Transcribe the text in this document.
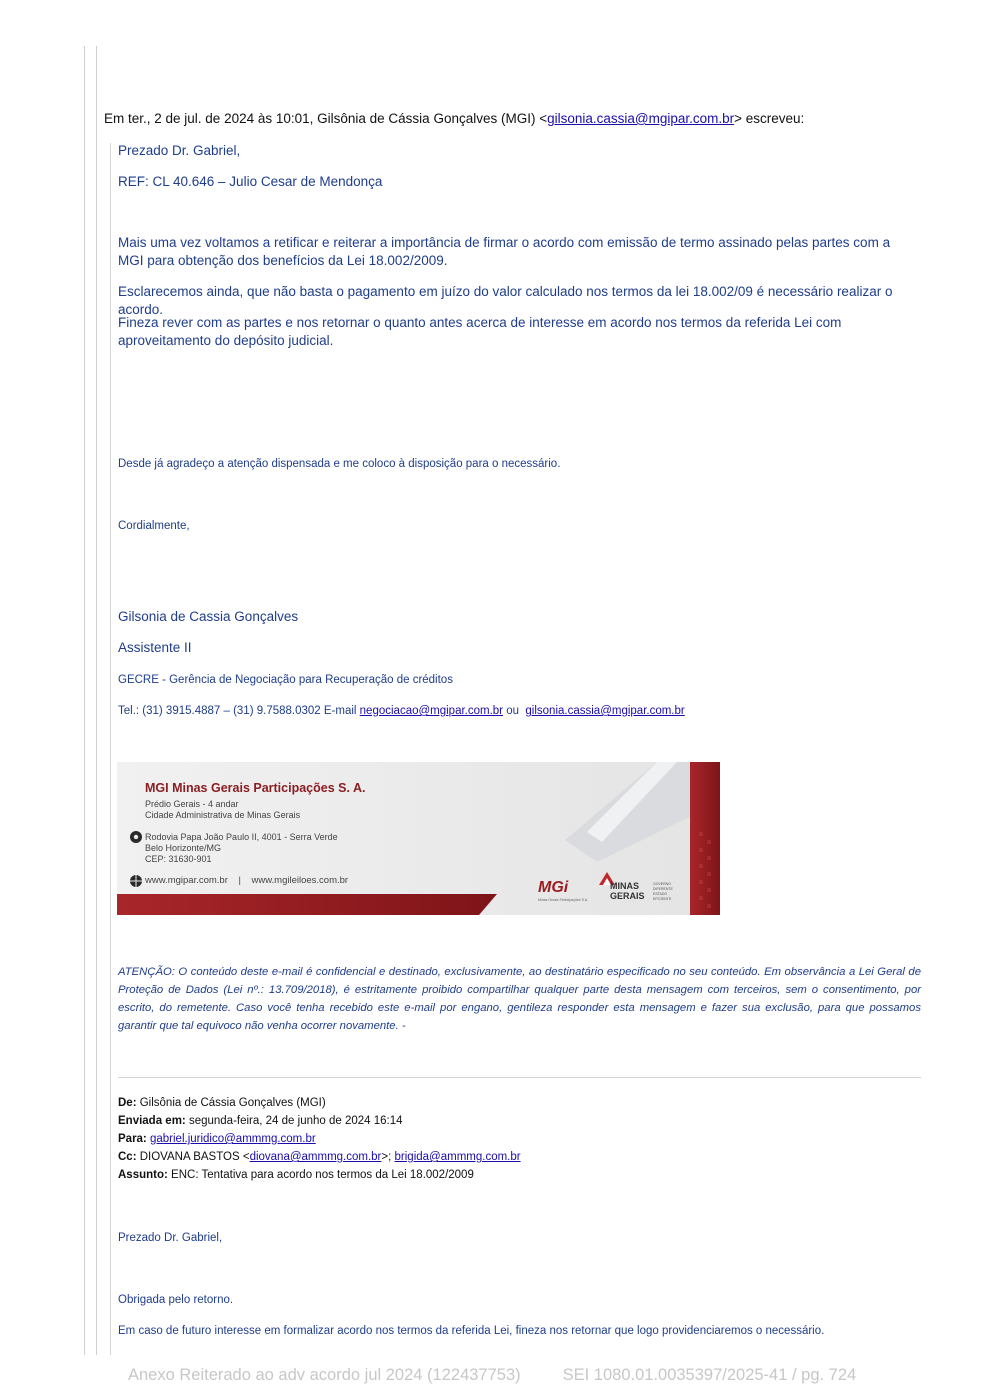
Em ter., 2 de jul. de 2024 às 10:01, Gilsônia de Cássia Gonçalves (MGI) <gilsonia.cassia@mgipar.com.br> escreveu:
Prezado Dr. Gabriel,
REF: CL 40.646 – Julio Cesar de Mendonça
Mais uma vez voltamos a retificar e reiterar a importância de firmar o acordo com emissão de termo assinado pelas partes com a MGI para obtenção dos benefícios da Lei 18.002/2009.
Esclarecemos ainda, que não basta o pagamento em juízo do valor calculado nos termos da lei 18.002/09 é necessário realizar o acordo.
Fineza rever com as partes e nos retornar o quanto antes acerca de interesse em acordo nos termos da referida Lei com aproveitamento do depósito judicial.
Desde já agradeço a atenção dispensada e me coloco à disposição para o necessário.
Cordialmente,
Gilsonia de Cassia Gonçalves
Assistente II
GECRE - Gerência de Negociação para Recuperação de créditos
Tel.: (31) 3915.4887 – (31) 9.7588.0302 E-mail negociacao@mgipar.com.br ou  gilsonia.cassia@mgipar.com.br
MGI Minas Gerais Participações S. A.
Prédio Gerais - 4 andar
Cidade Administrativa de Minas Gerais
Rodovia Papa João Paulo II, 4001 - Serra Verde
Belo Horizonte/MG
CEP: 31630-901
www.mgipar.com.br    |    www.mgileiloes.com.br	MGi
Minas Gerais Participações S.A.
MINAS
GERAIS
GOVERNO
DIFERENTE
ESTADO
EFICIENTE
ATENÇÃO: O conteúdo deste e-mail é confidencial e destinado, exclusivamente, ao destinatário especificado no seu conteúdo. Em observância a Lei Geral de Proteção de Dados (Lei nº.: 13.709/2018), é estritamente proibido compartilhar qualquer parte desta mensagem com terceiros, sem o consentimento, por escrito, do remetente. Caso você tenha recebido este e-mail por engano, gentileza responder esta mensagem e fazer sua exclusão, para que possamos garantir que tal equivoco não venha ocorrer novamente. -
De: Gilsônia de Cássia Gonçalves (MGI)
Enviada em: segunda-feira, 24 de junho de 2024 16:14
Para: gabriel.juridico@ammmg.com.br
Cc: DIOVANA BASTOS <diovana@ammmg.com.br>; brigida@ammmg.com.br
Assunto: ENC: Tentativa para acordo nos termos da Lei 18.002/2009
Prezado Dr. Gabriel,
Obrigada pelo retorno.
Em caso de futuro interesse em formalizar acordo nos termos da referida Lei, fineza nos retornar que logo providenciaremos o necessário.
Anexo Reiterado ao adv acordo jul 2024 (122437753)	SEI 1080.01.0035397/2025-41 / pg. 724
